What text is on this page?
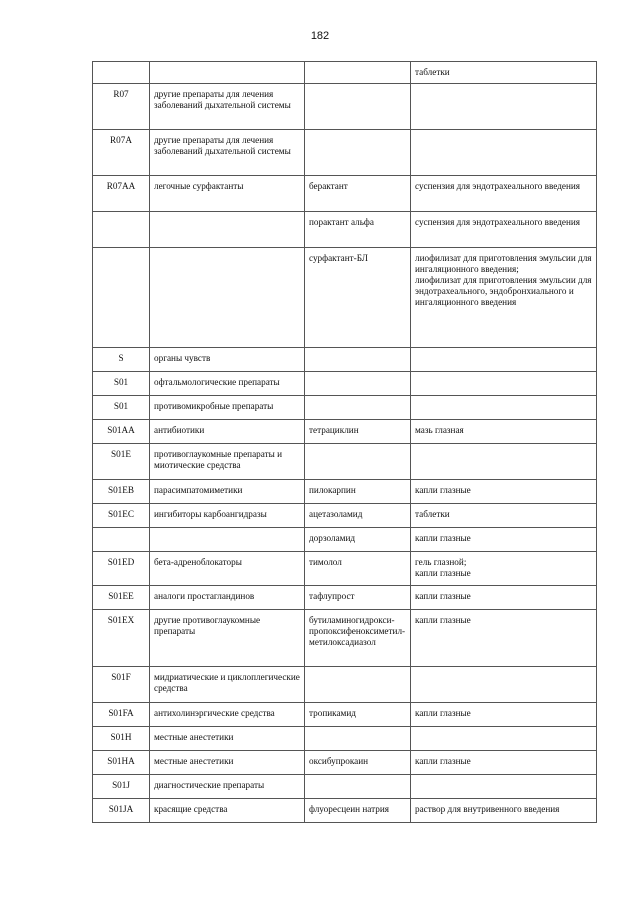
182
			таблетки
R07	другие препараты для лечения заболеваний дыхательной системы		
R07A	другие препараты для лечения заболеваний дыхательной системы		
R07AA	легочные сурфактанты	берактант	суспензия для эндотрахеального введения
		порактант альфа	суспензия для эндотрахеального введения
		сурфактант-БЛ	лиофилизат для приготовления эмульсии для ингаляционного введения;
лиофилизат для приготовления эмульсии для эндотрахеального, эндобронхиального и ингаляционного введения
S	органы чувств		
S01	офтальмологические препараты		
S01	противомикробные препараты		
S01AA	антибиотики	тетрациклин	мазь глазная
S01E	противоглаукомные препараты и миотические средства		
S01EB	парасимпатомиметики	пилокарпин	капли глазные
S01EC	ингибиторы карбоангидразы	ацетазоламид	таблетки
		дорзоламид	капли глазные
S01ED	бета-адреноблокаторы	тимолол	гель глазной;
капли глазные
S01EE	аналоги простагландинов	тафлупрост	капли глазные
S01EX	другие противоглаукомные препараты	бутиламиногидрокси-пропоксифеноксиметил-метилоксадиазол	капли глазные
S01F	мидриатические и циклоплегические средства		
S01FA	антихолинэргические средства	тропикамид	капли глазные
S01H	местные анестетики		
S01HA	местные анестетики	оксибупрокаин	капли глазные
S01J	диагностические препараты		
S01JA	красящие средства	флуоресцеин натрия	раствор для внутривенного введения
